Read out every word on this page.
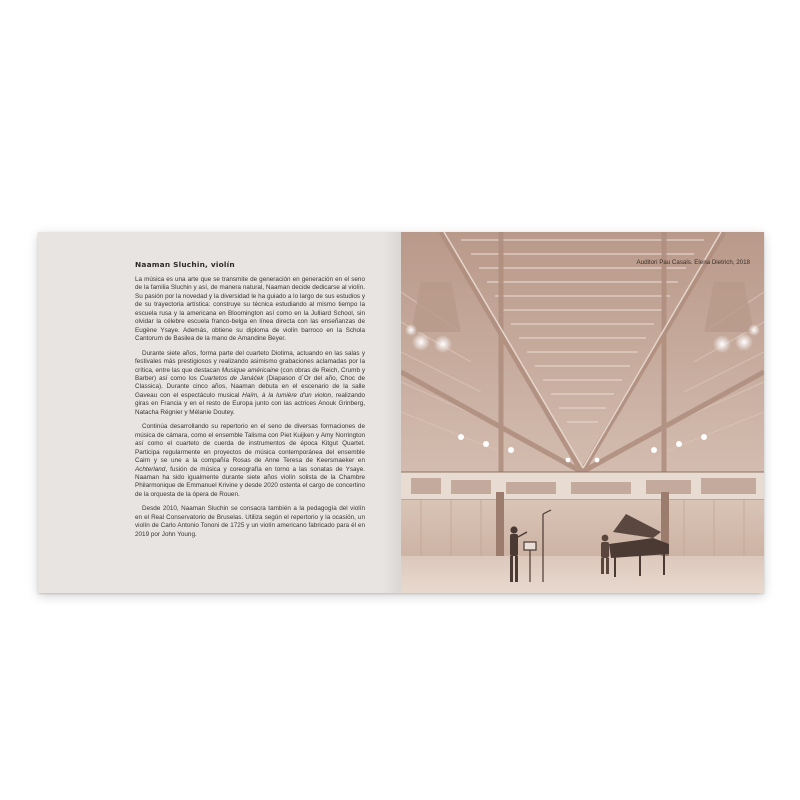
Naaman Sluchin, violín

La música es una arte que se transmite de generación en generación en el seno de la familia Sluchin y así, de manera natural, Naaman decide dedicarse al violín. Su pasión por la novedad y la diversidad le ha guiado a lo largo de sus estudios y de su trayectoria artística: construye su técnica estudiando al mismo tiempo la escuela rusa y la americana en Bloomington así como en la Julliard School, sin olvidar la célebre escuela franco-belga en línea directa con las enseñanzas de Eugène Ysaye. Además, obtiene su diploma de violín barroco en la Schola Cantorum de Basilea de la mano de Amandine Beyer.

Durante siete años, forma parte del cuarteto Diotima, actuando en las salas y festivales más prestigiosos y realizando asimismo grabaciones aclamadas por la crítica, entre las que destacan Musique américaine (con obras de Reich, Crumb y Barber) así como los Cuartetos de Janáček (Diapason d´Or del año, Choc de Classica). Durante cinco años, Naaman debuta en el escenario de la salle Gaveau con el espectáculo musical Haïm, à la lumière d'un violon, realizando giras en Francia y en el resto de Europa junto con las actrices Anouk Grinberg, Natacha Régnier y Mélanie Doutey.

Continúa desarrollando su repertorio en el seno de diversas formaciones de música de cámara, como el ensemble Talisma con Piet Kuijken y Amy Norrington así como el cuarteto de cuerda de instrumentos de época Kitgut Quartet. Participa regularmente en proyectos de música contemporánea del ensemble Cairn y se une a la compañía Rosas de Anne Teresa de Keersmaeker en Achterland, fusión de música y coreografía en torno a las sonatas de Ysaye. Naaman ha sido igualmente durante siete años violín solista de la Chambre Philarmonique de Emmanuel Krivine y desde 2020 ostenta el cargo de concertino de la orquesta de la ópera de Rouen.

Desde 2010, Naaman Sluchin se consacra también a la pedagogía del violín en el Real Conservatorio de Bruselas. Utiliza según el repertorio y la ocasión, un violín de Carlo Antonio Tononi de 1725 y un violín americano fabricado para él en 2019 por John Young.

Auditori Pau Casals. Elena Dietrich, 2018
